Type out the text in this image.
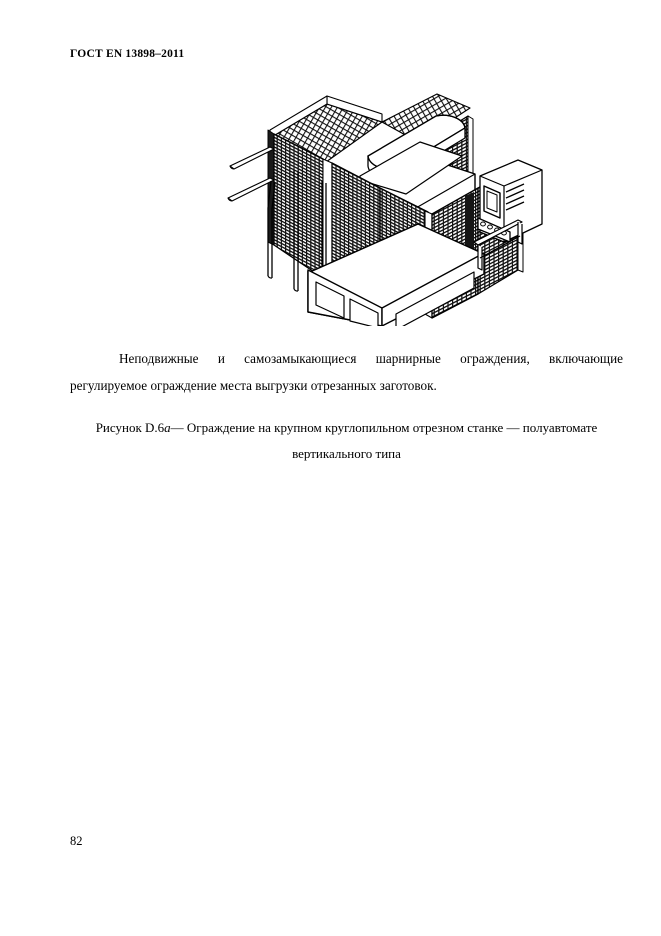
ГОСТ EN 13898–2011
Неподвижные и самозамыкающиеся шарнирные ограждения, включающие регулируемое ограждение места выгрузки отрезанных заготовок.
Рисунок D.6а— Ограждение на крупном круглопильном отрезном станке — полуавтомате вертикального типа
82
